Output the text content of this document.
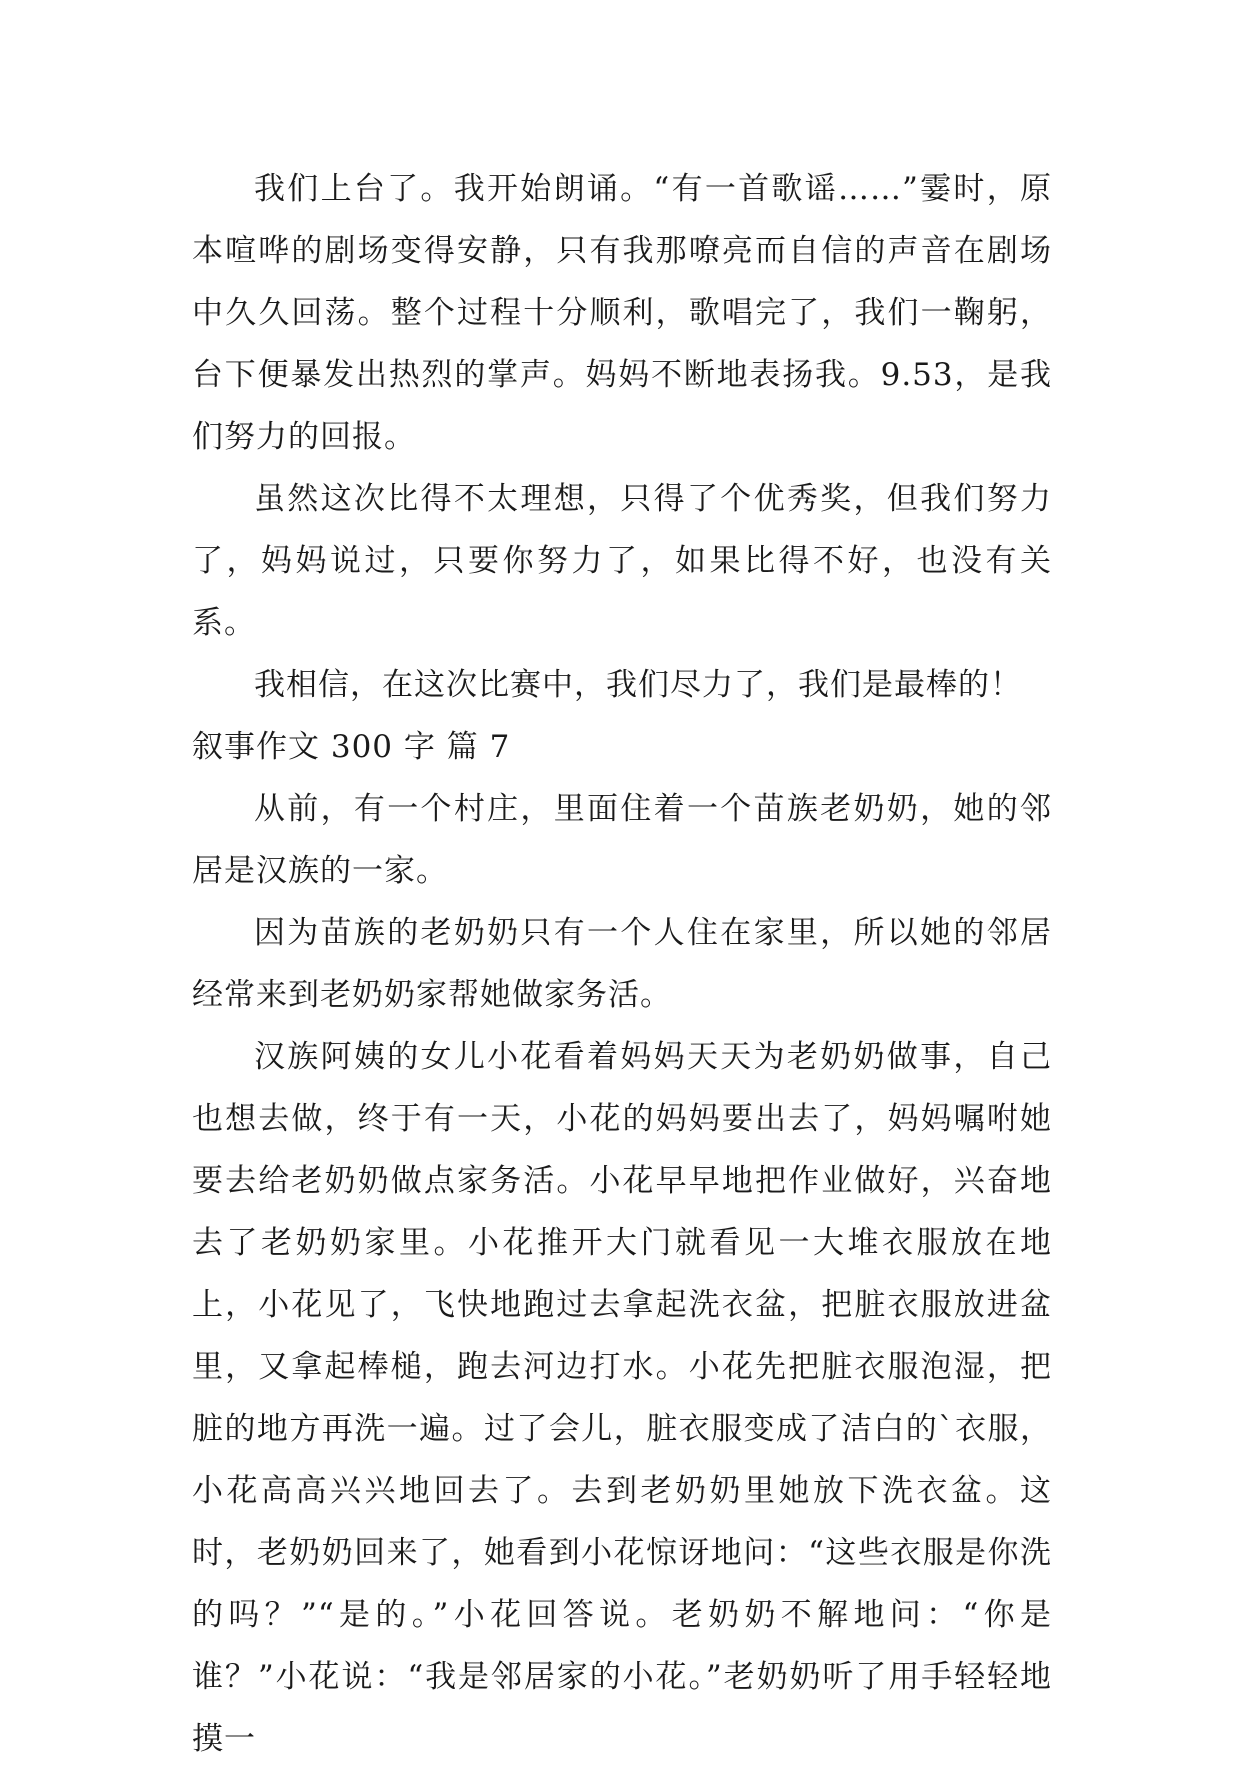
我们上台了。我开始朗诵。“有一首歌谣……”霎时，原本喧哗的剧场变得安静，只有我那嘹亮而自信的声音在剧场中久久回荡。整个过程十分顺利，歌唱完了，我们一鞠躬，台下便暴发出热烈的掌声。妈妈不断地表扬我。9.53，是我们努力的回报。

虽然这次比得不太理想，只得了个优秀奖，但我们努力了，妈妈说过，只要你努力了，如果比得不好，也没有关系。

我相信，在这次比赛中，我们尽力了，我们是最棒的！

叙事作文 300 字 篇 7

从前，有一个村庄，里面住着一个苗族老奶奶，她的邻居是汉族的一家。

因为苗族的老奶奶只有一个人住在家里，所以她的邻居经常来到老奶奶家帮她做家务活。

汉族阿姨的女儿小花看着妈妈天天为老奶奶做事，自己也想去做，终于有一天，小花的妈妈要出去了，妈妈嘱咐她要去给老奶奶做点家务活。小花早早地把作业做好，兴奋地去了老奶奶家里。小花推开大门就看见一大堆衣服放在地上，小花见了，飞快地跑过去拿起洗衣盆，把脏衣服放进盆里，又拿起棒槌，跑去河边打水。小花先把脏衣服泡湿，把脏的地方再洗一遍。过了会儿，脏衣服变成了洁白的`衣服，小花高高兴兴地回去了。去到老奶奶里她放下洗衣盆。这时，老奶奶回来了，她看到小花惊讶地问：“这些衣服是你洗的吗？”“是的。”小花回答说。老奶奶不解地问：“你是谁？”小花说：“我是邻居家的小花。”老奶奶听了用手轻轻地摸一
